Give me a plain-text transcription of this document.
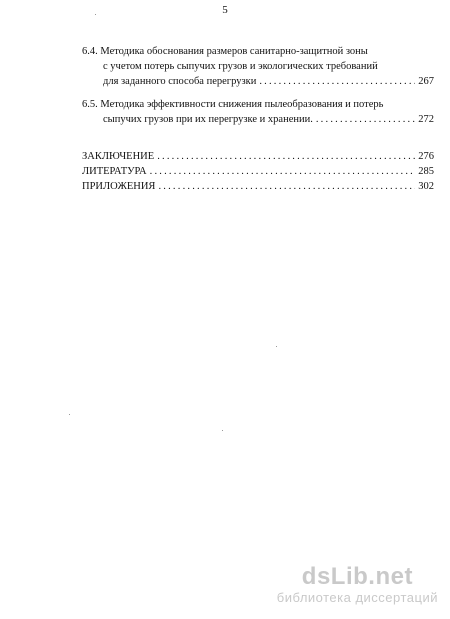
5
6.4. Методика обоснования размеров санитарно-защитной зоны
с учетом потерь сыпучих грузов и экологических требований
для заданного способа перегрузки .....	267
6.5. Методика эффективности снижения пылеобразования и потерь
сыпучих грузов при их перегрузке и хранении. .....	272
ЗАКЛЮЧЕНИЕ .....	276
ЛИТЕРАТУРА .....	285
ПРИЛОЖЕНИЯ .....	302
dsLib.net
библиотека диссертаций
